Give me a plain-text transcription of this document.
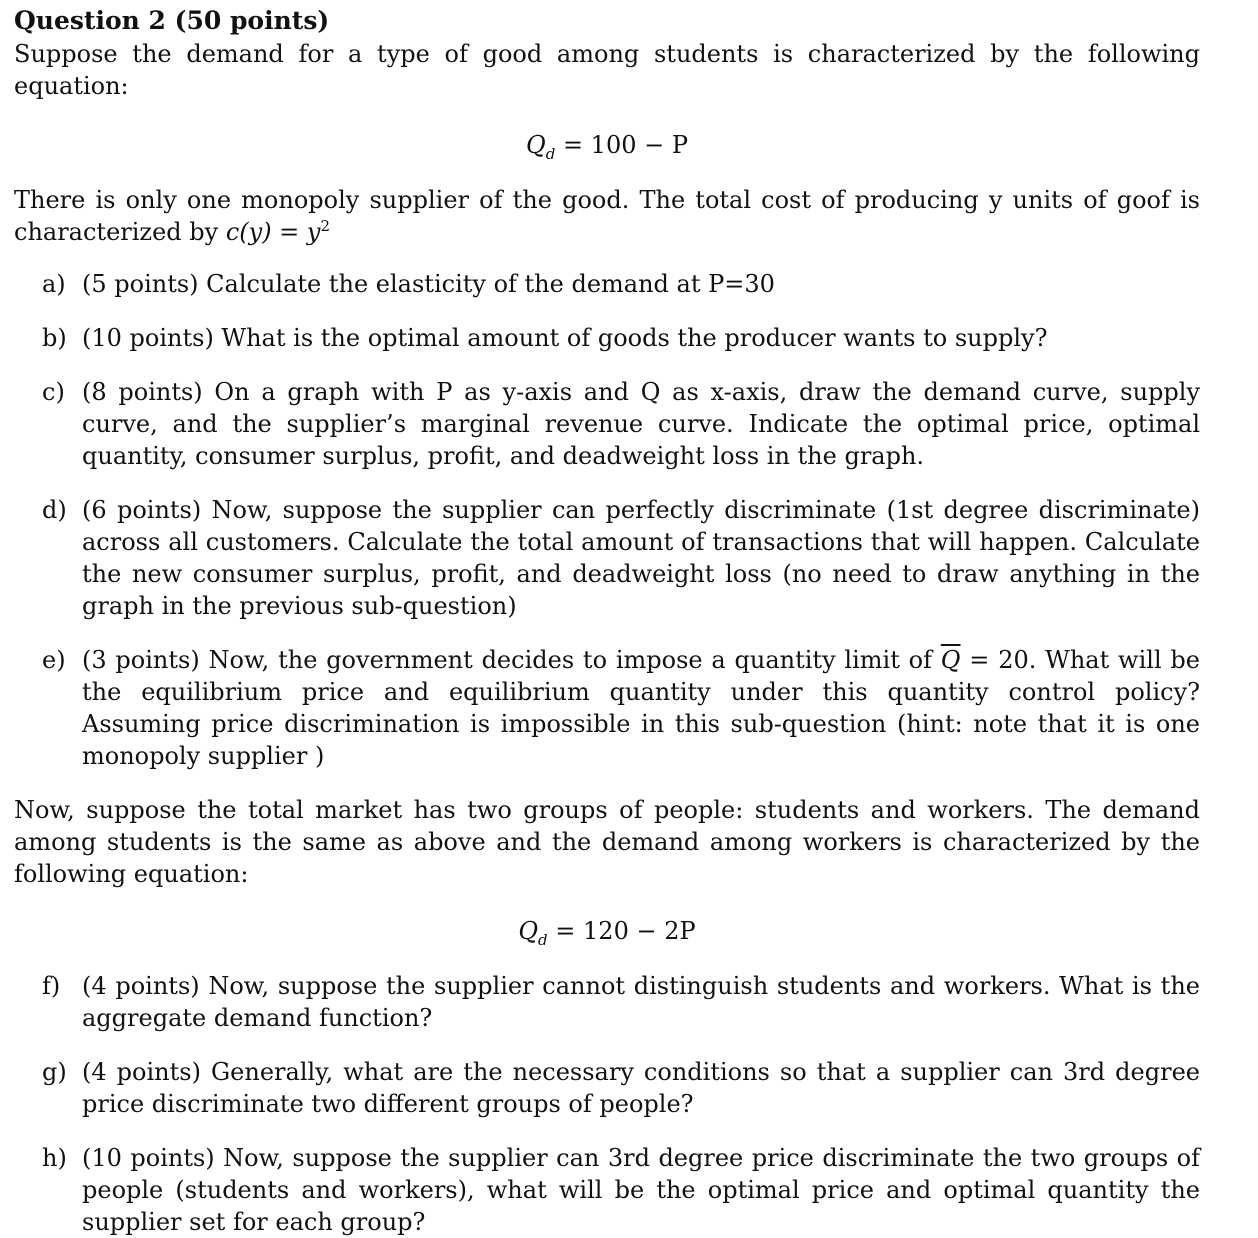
Question 2 (50 points)

Suppose the demand for a type of good among students is characterized by the following equation:

$Q_d = 100 - P$

There is only one monopoly supplier of the good. The total cost of producing y units of goof is characterized by $c(y) = y^2$

a) (5 points) Calculate the elasticity of the demand at P=30
b) (10 points) What is the optimal amount of goods the producer wants to supply?
c) (8 points) On a graph with P as y-axis and Q as x-axis, draw the demand curve, supply curve, and the supplier’s marginal revenue curve. Indicate the optimal price, optimal quantity, consumer surplus, profit, and deadweight loss in the graph.
d) (6 points) Now, suppose the supplier can perfectly discriminate (1st degree discriminate) across all customers. Calculate the total amount of transactions that will happen. Calculate the new consumer surplus, profit, and deadweight loss (no need to draw anything in the graph in the previous sub-question)
e) (3 points) Now, the government decides to impose a quantity limit of $\overline{Q} = 20$. What will be the equilibrium price and equilibrium quantity under this quantity control policy? Assuming price discrimination is impossible in this sub-question (hint: note that it is one monopoly supplier )

Now, suppose the total market has two groups of people: students and workers. The demand among students is the same as above and the demand among workers is characterized by the following equation:

$Q_d = 120 - 2P$
f) (4 points) Now, suppose the supplier cannot distinguish students and workers. What is the aggregate demand function?
g) (4 points) Generally, what are the necessary conditions so that a supplier can 3rd degree price discriminate two different groups of people?
h) (10 points) Now, suppose the supplier can 3rd degree price discriminate the two groups of people (students and workers), what will be the optimal price and optimal quantity the supplier set for each group?
